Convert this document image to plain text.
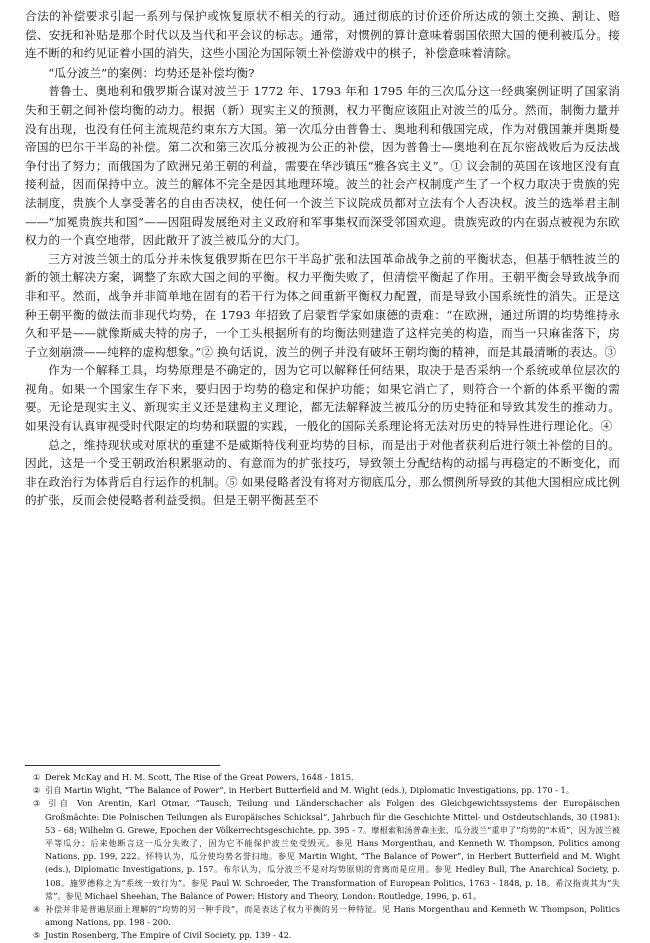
合法的补偿要求引起一系列与保护或恢复原状不相关的行动。通过彻底的讨价还价所达成的领土交换、割让、赔偿、安抚和补贴是那个时代以及当代和平会议的标志。通常，对惯例的算计意味着弱国依照大国的便利被瓜分。接连不断的和约见证着小国的消失，这些小国沦为国际领土补偿游戏中的棋子，补偿意味着清除。

“瓜分波兰”的案例：均势还是补偿均衡?

普鲁士、奥地利和俄罗斯合谋对波兰于 1772 年、1793 年和 1795 年的三次瓜分这一经典案例证明了国家消失和王朝之间补偿均衡的动力。根据（新）现实主义的预测，权力平衡应该阻止对波兰的瓜分。然而，制衡力量并没有出现，也没有任何主流规范约束东方大国。第一次瓜分由普鲁士、奥地利和俄国完成，作为对俄国兼并奥斯曼帝国的巴尔干半岛的补偿。第二次和第三次瓜分被视为公正的补偿，因为普鲁士—奥地利在瓦尔密战败后为反法战争付出了努力；而俄国为了欧洲兄弟王朝的利益，需要在华沙镇压“雅各宾主义”。① 议会制的英国在该地区没有直接利益，因而保持中立。波兰的解体不完全是因其地理环境。波兰的社会产权制度产生了一个权力取决于贵族的宪法制度，贵族个人享受著名的自由否决权，使任何一个波兰下议院成员都对立法有个人否决权。波兰的选举君主制——“加冕贵族共和国”——因阻碍发展绝对主义政府和军事集权而深受邻国欢迎。贵族宪政的内在弱点被视为东欧权力的一个真空地带，因此敞开了波兰被瓜分的大门。

三方对波兰领土的瓜分并未恢复俄罗斯在巴尔干半岛扩张和法国革命战争之前的平衡状态，但基于牺牲波兰的新的领土解决方案，调整了东欧大国之间的平衡。权力平衡失败了，但清偿平衡起了作用。王朝平衡会导致战争而非和平。然而，战争并非简单地在固有的若干行为体之间重新平衡权力配置，而是导致小国系统性的消失。正是这种王朝平衡的做法而非现代均势，在 1793 年招致了启蒙哲学家如康德的责难：“在欧洲，通过所谓的均势维持永久和平是——就像斯威夫特的房子，一个工头根据所有的均衡法则建造了这样完美的构造，而当一只麻雀落下，房子立刻崩溃——纯粹的虚构想象。”② 换句话说，波兰的例子并没有破坏王朝均衡的精神，而是其最清晰的表达。③

作为一个解释工具，均势原理是不确定的，因为它可以解释任何结果，取决于是否采纳一个系统或单位层次的视角。如果一个国家生存下来，要归因于均势的稳定和保护功能；如果它消亡了，则符合一个新的体系平衡的需要。无论是现实主义、新现实主义还是建构主义理论，都无法解释波兰被瓜分的历史特征和导致其发生的推动力。如果没有认真审视受时代限定的均势和联盟的实践，一般化的国际关系理论将无法对历史的特异性进行理论化。④

总之，维持现状或对原状的重建不是威斯特伐利亚均势的目标，而是出于对他者获利后进行领土补偿的目的。因此，这是一个受王朝政治积累驱动的、有意而为的扩张技巧，导致领土分配结构的动摇与再稳定的不断变化，而非在政治行为体背后自行运作的机制。⑤ 如果侵略者没有将对方彻底瓜分，那么惯例所导致的其他大国相应成比例的扩张，反而会使侵略者利益受损。但是王朝平衡甚至不

① Derek McKay and H. M. Scott, The Rise of the Great Powers, 1648 - 1815.

② 引自 Martin Wight, “The Balance of Power”, in Herbert Butterfield and M. Wight (eds.), Diplomatic Investigations, pp. 170 - 1。

③ 引自 Von Arentin, Karl Otmar, “Tausch, Teilung und Länderschacher als Folgen des Gleichgewichtssystems der Europäischen Großmächte: Die Polnischen Teilungen als Europäisches Schicksal”, Jahrbuch für die Geschichte Mittel- und Ostdeutschlands, 30 (1981): 53 - 68; Wilhelm G. Grewe, Epochen der Völkerrechtsgeschichte, pp. 395 - 7。摩根索和汤普森主张，瓜分波兰“重申了”均势的“本质”，因为波兰被平等瓜分；后来他断言这一瓜分失败了，因为它不能保护波兰免受毁灭。参见 Hans Morgenthau, and Kenneth W. Thompson, Politics among Nations, pp. 199, 222。怀特认为，瓜分使均势名誉扫地。参见 Martin Wight, “The Balance of Power”, in Herbert Butterfield and M. Wight (eds.), Diplomatic Investigations, p. 157。布尔认为，瓜分波兰不是对均势原则的背离而是应用。参见 Hedley Bull, The Anarchical Society, p. 108。施罗德称之为“系统一致行为”。参见 Paul W. Schroeder, The Transformation of European Politics, 1763 - 1848, p. 18。希汉指责其为“失常”。参见 Michael Sheehan, The Balance of Power: History and Theory, London: Routledge, 1996, p. 61。

④ 补偿并非是普遍层面上理解的“均势的另一种手段”，而是表达了权力平衡的另一种特征。见 Hans Morgenthau and Kenneth W. Thompson, Politics among Nations, pp. 198 - 200.

⑤ Justin Rosenberg, The Empire of Civil Society, pp. 139 - 42.
